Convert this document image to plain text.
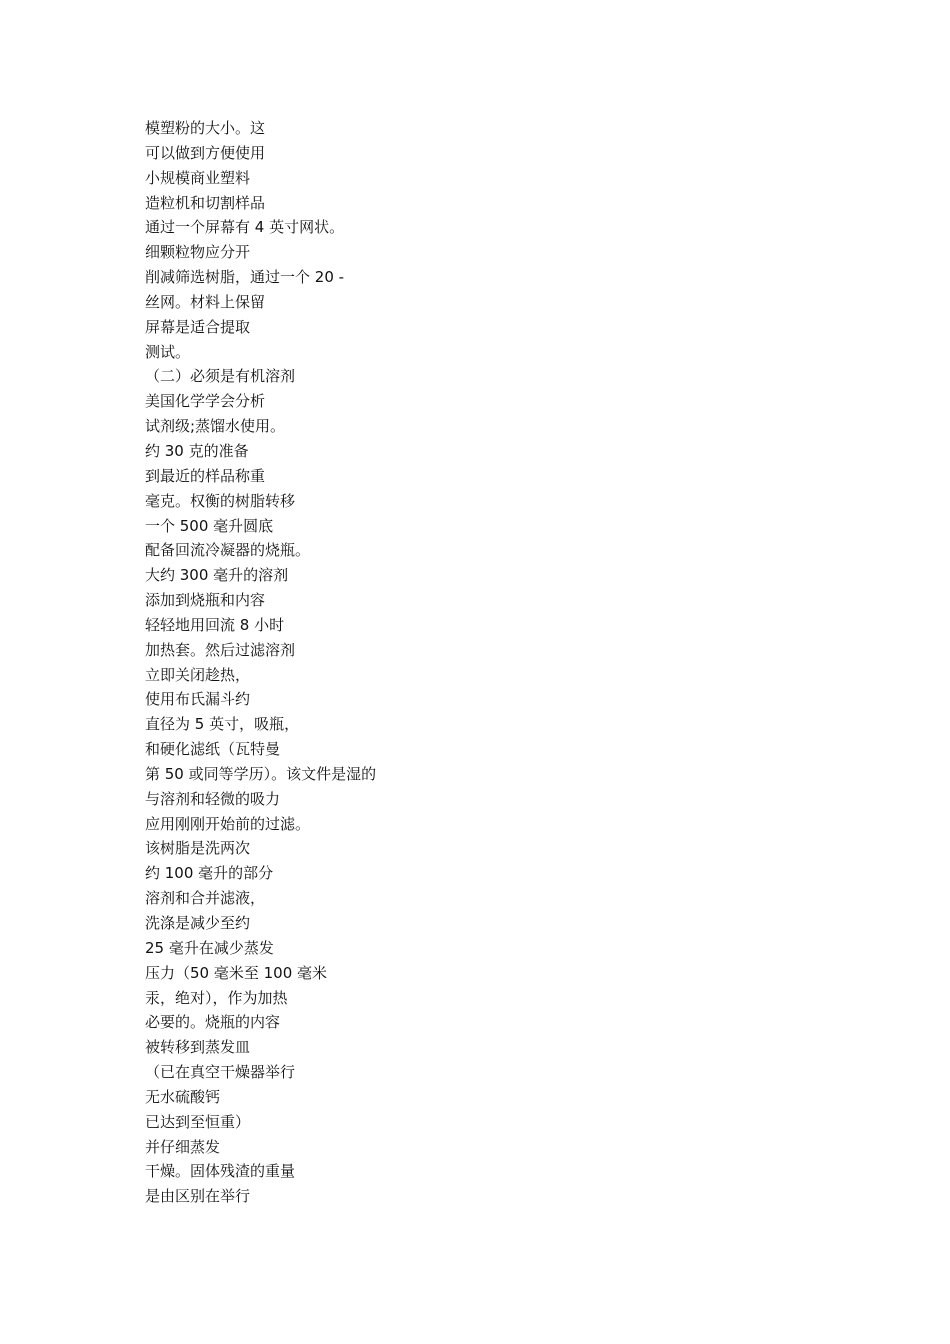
模塑粉的大小。这
可以做到方便使用
小规模商业塑料
造粒机和切割样品
通过一个屏幕有 4 英寸网状。
细颗粒物应分开
削减筛选树脂，通过一个 20 -
丝网。材料上保留
屏幕是适合提取
测试。
（二）必须是有机溶剂
美国化学学会分析
试剂级;蒸馏水使用。
约 30 克的准备
到最近的样品称重
毫克。权衡的树脂转移
一个 500 毫升圆底
配备回流冷凝器的烧瓶。
大约 300 毫升的溶剂
添加到烧瓶和内容
轻轻地用回流 8 小时
加热套。然后过滤溶剂
立即关闭趁热，
使用布氏漏斗约
直径为 5 英寸，吸瓶，
和硬化滤纸（瓦特曼
第 50 或同等学历）。该文件是湿的
与溶剂和轻微的吸力
应用刚刚开始前的过滤。
该树脂是洗两次
约 100 毫升的部分
溶剂和合并滤液，
洗涤是减少至约
25 毫升在减少蒸发
压力（50 毫米至 100 毫米
汞，绝对），作为加热
必要的。烧瓶的内容
被转移到蒸发皿
（已在真空干燥器举行
无水硫酸钙
已达到至恒重）
并仔细蒸发
干燥。固体残渣的重量
是由区别在举行
